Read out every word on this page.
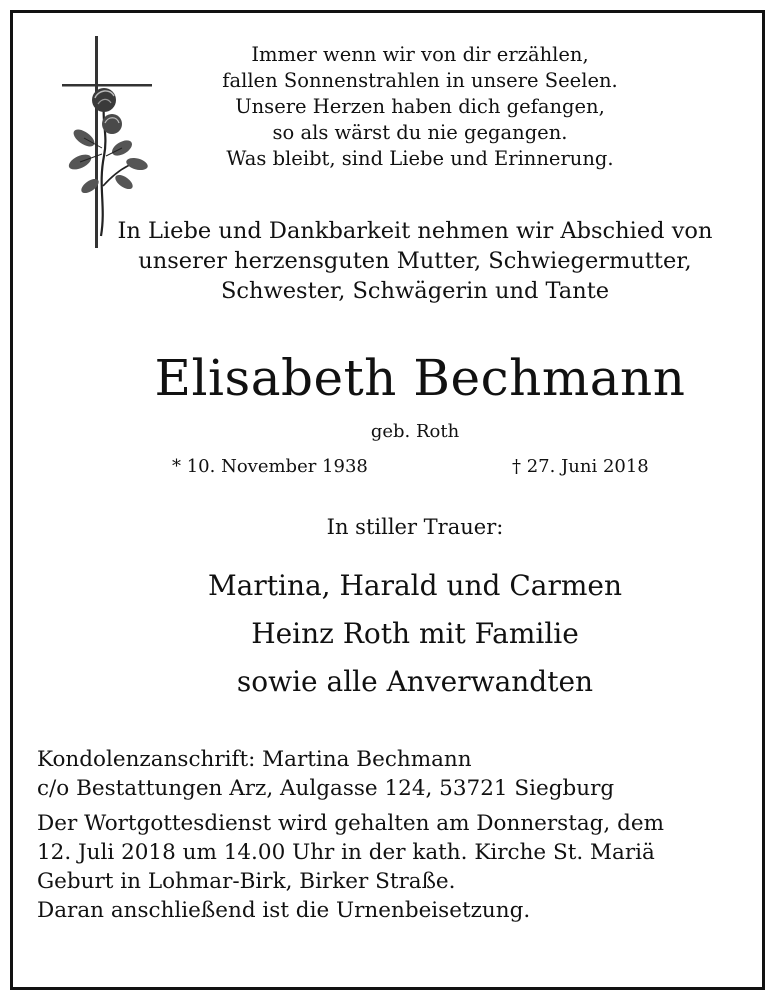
Immer wenn wir von dir erzählen,
fallen Sonnenstrahlen in unsere Seelen.
Unsere Herzen haben dich gefangen,
so als wärst du nie gegangen.
Was bleibt, sind Liebe und Erinnerung.
In Liebe und Dankbarkeit nehmen wir Abschied von
unserer herzensguten Mutter, Schwiegermutter,
Schwester, Schwägerin und Tante
Elisabeth Bechmann
geb. Roth
* 10. November 1938	† 27. Juni 2018
In stiller Trauer:
Martina, Harald und Carmen
Heinz Roth mit Familie
sowie alle Anverwandten
Kondolenzanschrift: Martina Bechmann
c/o Bestattungen Arz, Aulgasse 124, 53721 Siegburg
Der Wortgottesdienst wird gehalten am Donnerstag, dem
12. Juli 2018 um 14.00 Uhr in der kath. Kirche St. Mariä
Geburt in Lohmar-Birk, Birker Straße.
Daran anschließend ist die Urnenbeisetzung.
